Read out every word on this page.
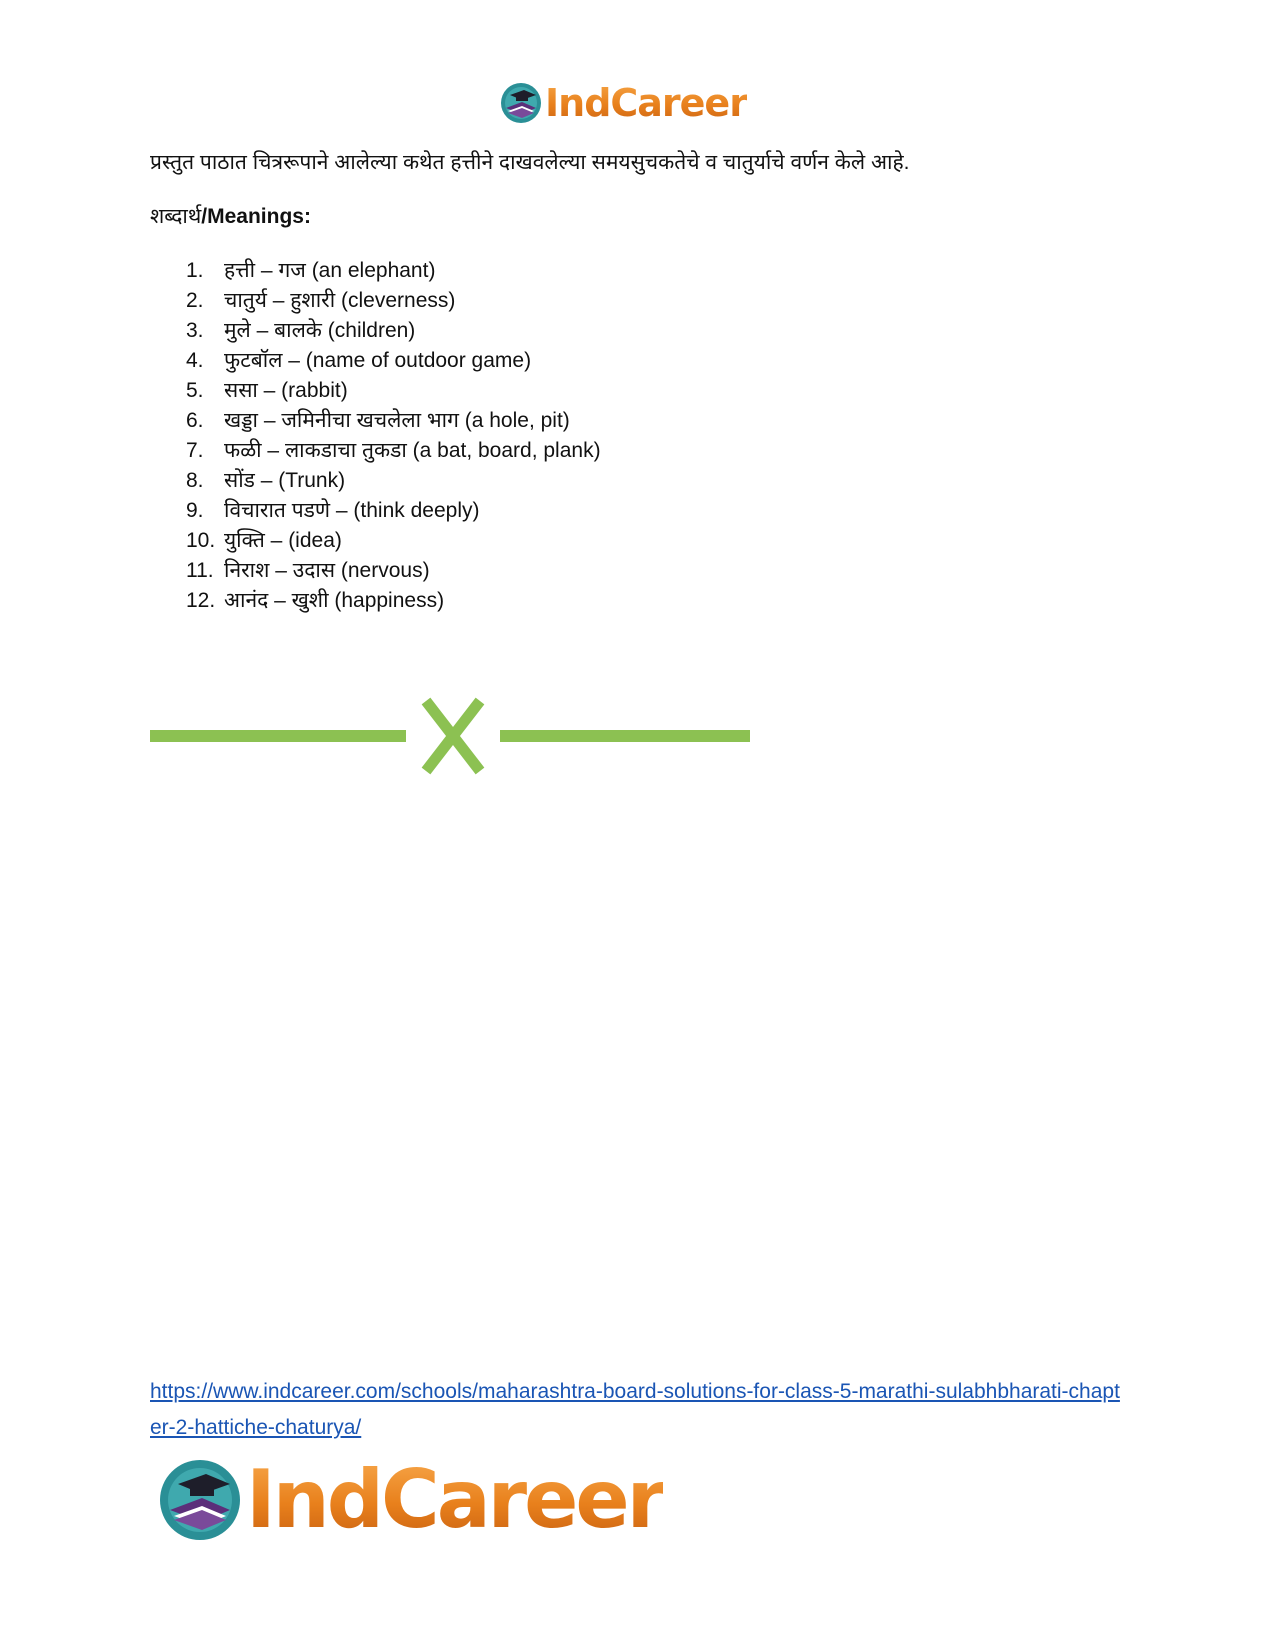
IndCareer
प्रस्तुत पाठात चित्ररूपाने आलेल्या कथेत हत्तीने दाखवलेल्या समयसुचकतेचे व चातुर्याचे वर्णन केले आहे.
शब्दार्थ/Meanings:
1. हत्ती – गज (an elephant)
2. चातुर्य – हुशारी (cleverness)
3. मुले – बालके (children)
4. फुटबॉल – (name of outdoor game)
5. ससा – (rabbit)
6. खड्डा – जमिनीचा खचलेला भाग (a hole, pit)
7. फळी – लाकडाचा तुकडा (a bat, board, plank)
8. सोंड – (Trunk)
9. विचारात पडणे – (think deeply)
10. युक्ति – (idea)
11. निराश – उदास (nervous)
12. आनंद – खुशी (happiness)
https://www.indcareer.com/schools/maharashtra-board-solutions-for-class-5-marathi-sulabhbharati-chapter-2-hattiche-chaturya/
IndCareer
